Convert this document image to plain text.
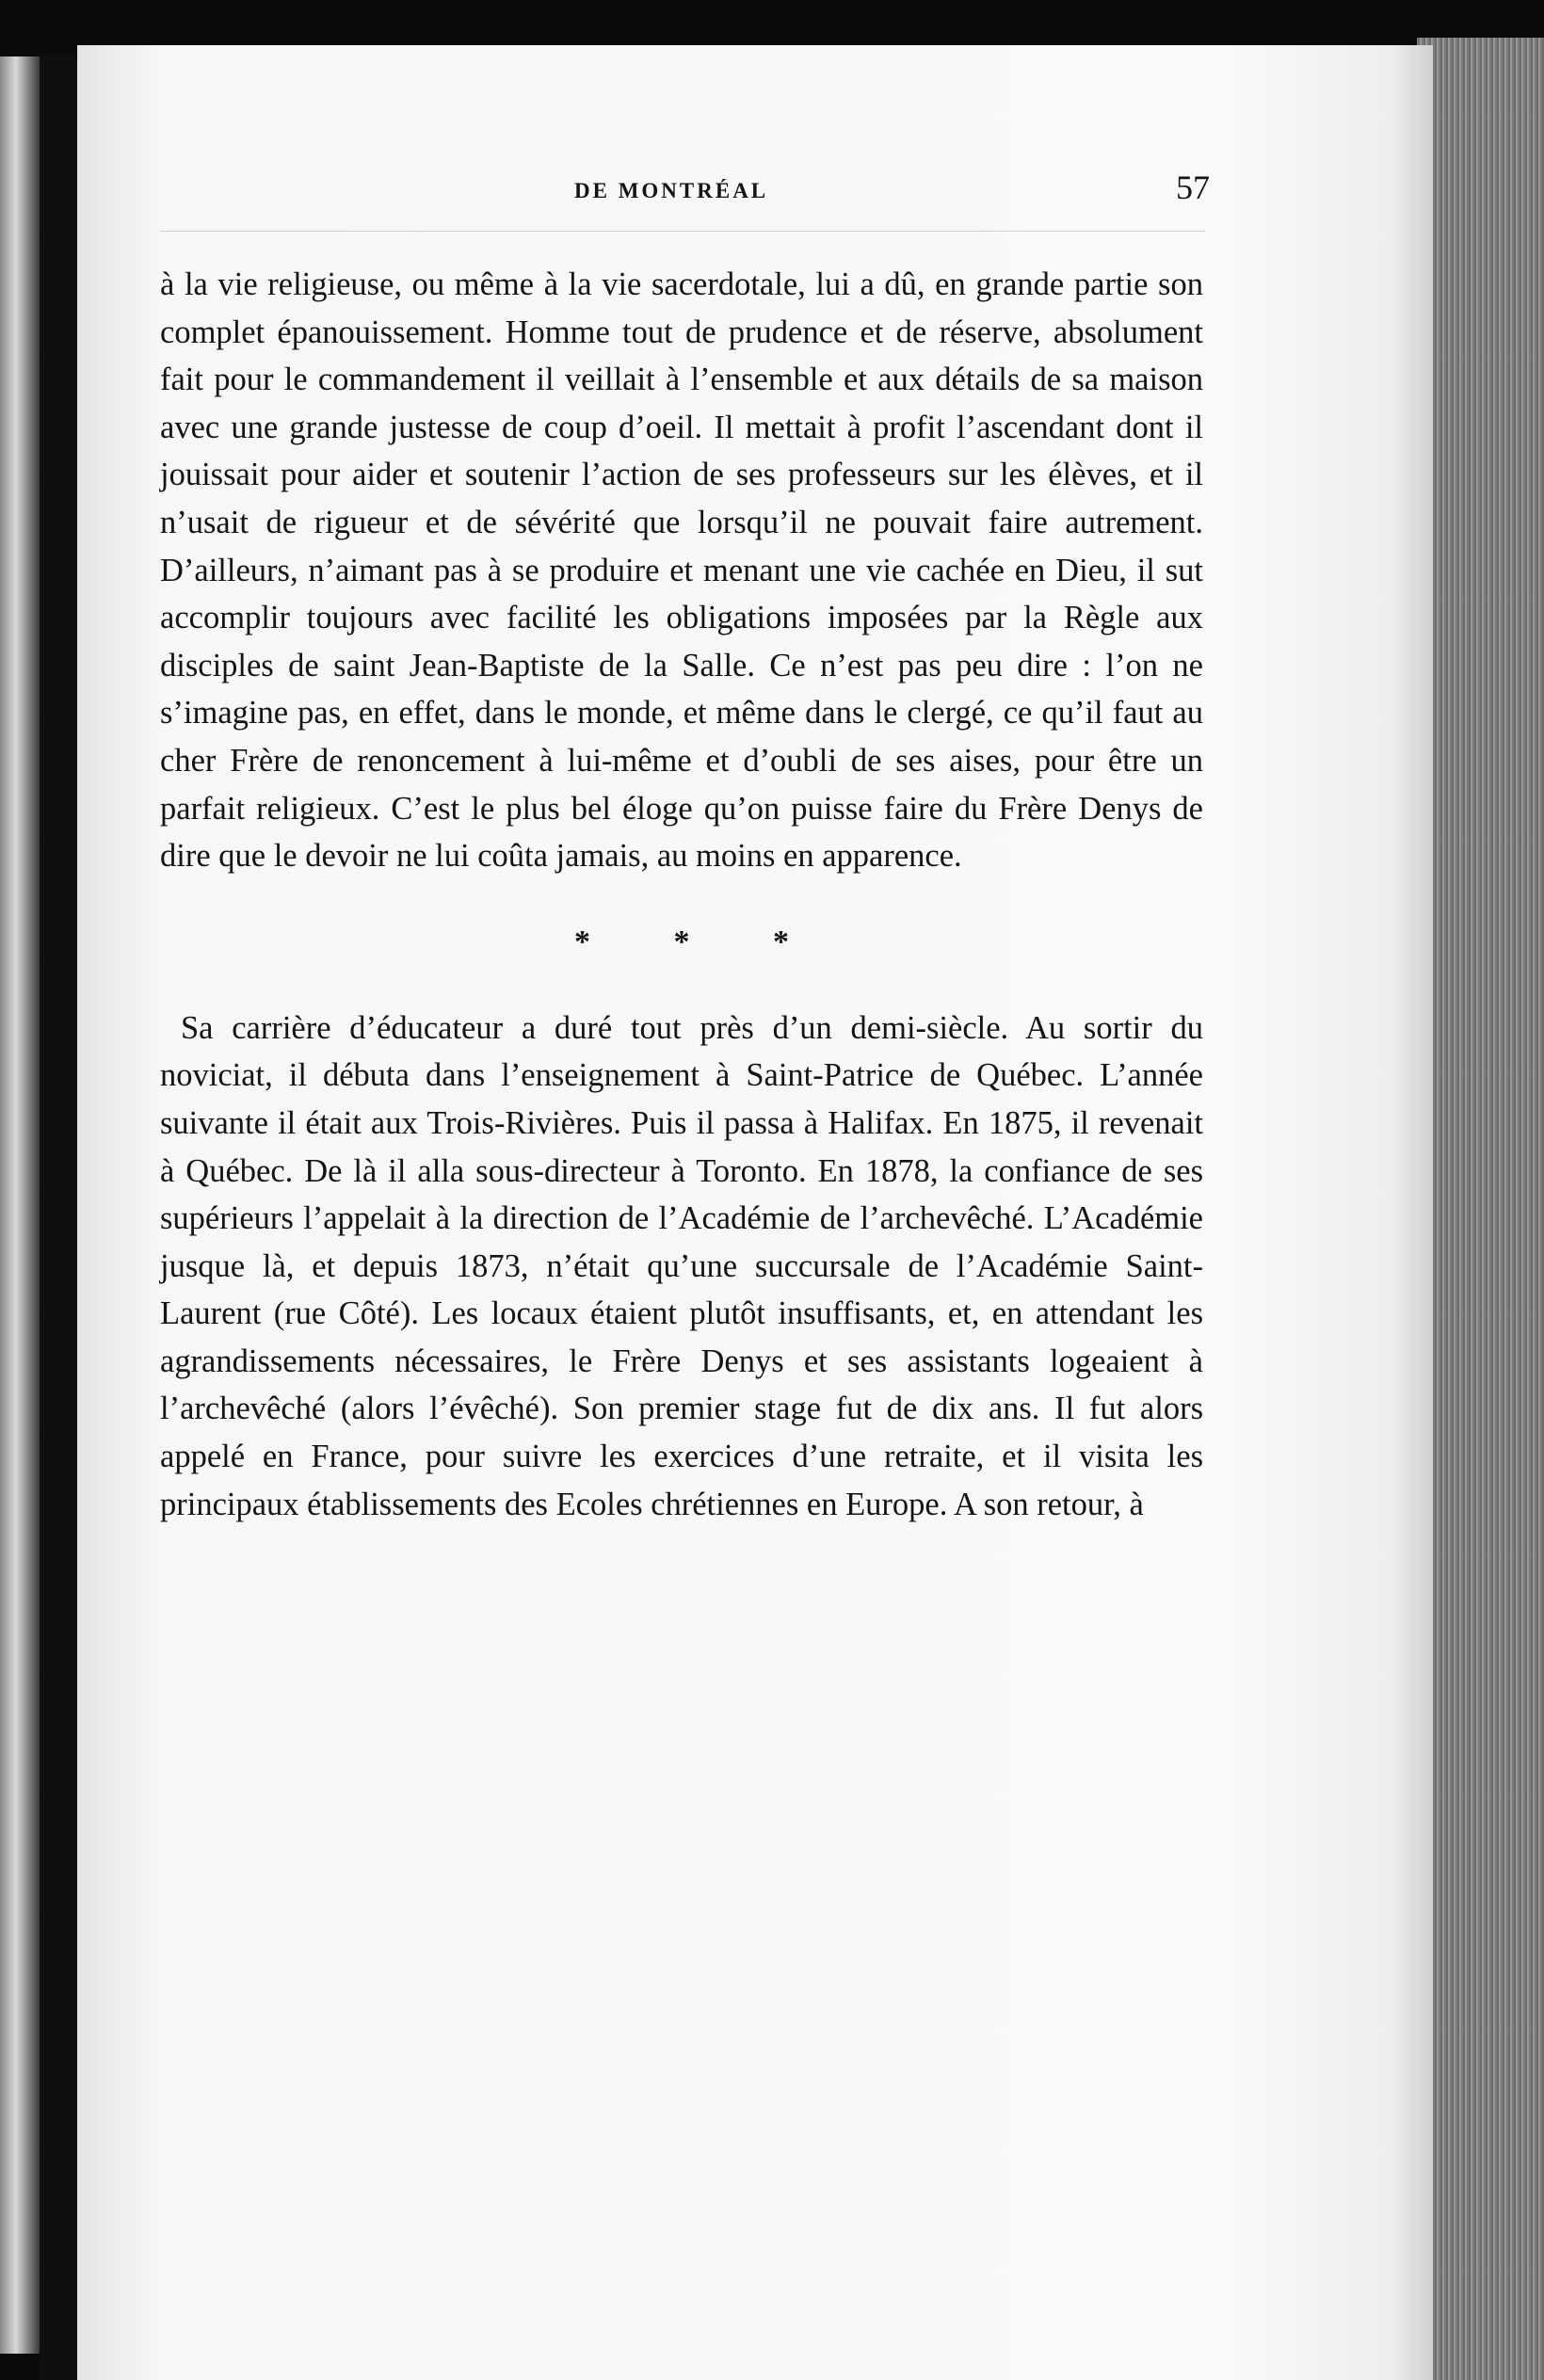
DE MONTRÉAL	57

à la vie religieuse, ou même à la vie sacerdotale, lui a dû, en grande partie son complet épanouissement. Homme tout de prudence et de réserve, absolument fait pour le commandement il veillait à l’ensemble et aux détails de sa maison avec une grande justesse de coup d’oeil. Il mettait à profit l’ascendant dont il jouissait pour aider et soutenir l’action de ses professeurs sur les élèves, et il n’usait de rigueur et de sévérité que lorsqu’il ne pouvait faire autrement. D’ailleurs, n’aimant pas à se produire et menant une vie cachée en Dieu, il sut accomplir toujours avec facilité les obligations imposées par la Règle aux disciples de saint Jean-Baptiste de la Salle. Ce n’est pas peu dire : l’on ne s’imagine pas, en effet, dans le monde, et même dans le clergé, ce qu’il faut au cher Frère de renoncement à lui-même et d’oubli de ses aises, pour être un parfait religieux. C’est le plus bel éloge qu’on puisse faire du Frère Denys de dire que le devoir ne lui coûta jamais, au moins en apparence.

* * *

Sa carrière d’éducateur a duré tout près d’un demi-siècle. Au sortir du noviciat, il débuta dans l’enseignement à Saint-Patrice de Québec. L’année suivante il était aux Trois-Rivières. Puis il passa à Halifax. En 1875, il revenait à Québec. De là il alla sous-directeur à Toronto. En 1878, la confiance de ses supérieurs l’appelait à la direction de l’Académie de l’archevêché. L’Académie jusque là, et depuis 1873, n’était qu’une succursale de l’Académie Saint-Laurent (rue Côté). Les locaux étaient plutôt insuffisants, et, en attendant les agrandissements nécessaires, le Frère Denys et ses assistants logeaient à l’archevêché (alors l’évêché). Son premier stage fut de dix ans. Il fut alors appelé en France, pour suivre les exercices d’une retraite, et il visita les principaux établissements des Ecoles chrétiennes en Europe. A son retour, à
